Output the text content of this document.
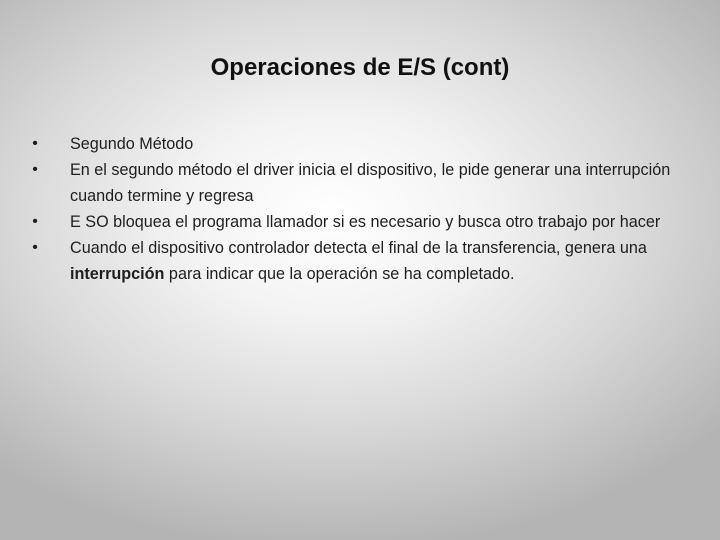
Operaciones de E/S (cont)
• Segundo Método
• En el segundo método el driver inicia el dispositivo, le pide generar una interrupción cuando termine y regresa
• E SO bloquea el programa llamador si es necesario y busca otro trabajo por hacer
• Cuando el dispositivo controlador detecta el final de la transferencia, genera una interrupción para indicar que la operación se ha completado.
